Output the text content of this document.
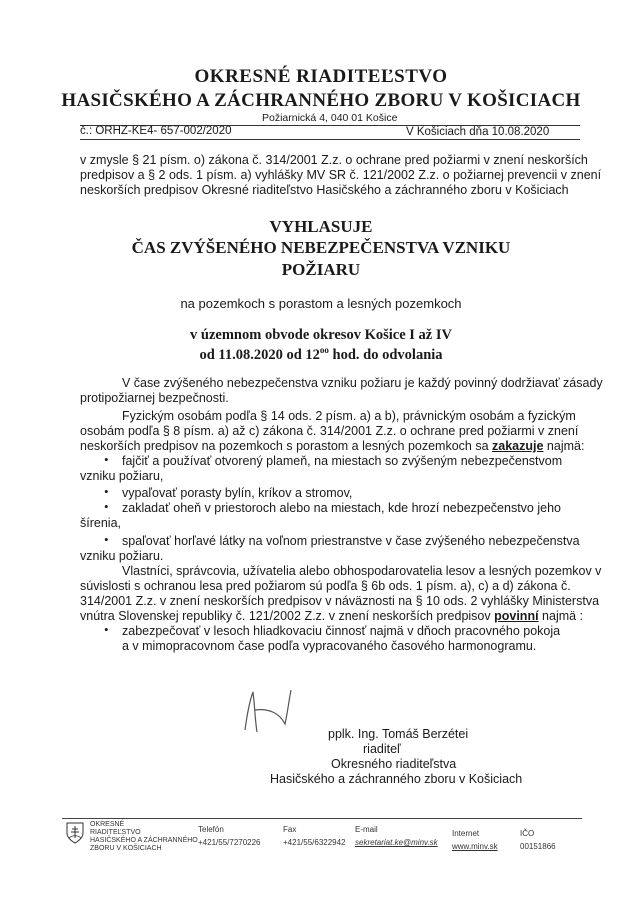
OKRESNÉ RIADITEĽSTVO
HASIČSKÉHO A ZÁCHRANNÉHO ZBORU V KOŠICIACH
Požiarnická 4, 040 01 Košice
č.: ORHZ-KE4- 657-002/2020	V Košiciach dňa 10.08.2020
v zmysle § 21 písm. o) zákona č. 314/2001 Z.z. o ochrane pred požiarmi v znení neskorších
predpisov a § 2 ods. 1 písm. a) vyhlášky MV SR č. 121/2002 Z.z. o požiarnej prevencii v znení
neskorších predpisov Okresné riaditeľstvo Hasičského a záchranného zboru v Košiciach
VYHLASUJE
ČAS ZVÝŠENÉHO NEBEZPEČENSTVA VZNIKU
POŽIARU
na pozemkoch s porastom a lesných pozemkoch
v územnom obvode okresov Košice I až IV
od 11.08.2020 od $12^{oo}$ hod. do odvolania
V čase zvýšeného nebezpečenstva vzniku požiaru je každý povinný dodržiavať zásady
protipožiarnej bezpečnosti.
Fyzickým osobám podľa § 14 ods. 2 písm. a) a b), právnickým osobám a fyzickým
osobám podľa § 8 písm. a) až c) zákona č. 314/2001 Z.z. o ochrane pred požiarmi v znení
neskorších predpisov na pozemkoch s porastom a lesných pozemkoch sa zakazuje najmä:
• fajčiť a používať otvorený plameň, na miestach so zvýšeným nebezpečenstvom
vzniku požiaru,
• vypaľovať porasty bylín, kríkov a stromov,
• zakladať oheň v priestoroch alebo na miestach, kde hrozí nebezpečenstvo jeho
šírenia,
• spaľovať horľavé látky na voľnom priestranstve v čase zvýšeného nebezpečenstva
vzniku požiaru.
Vlastníci, správcovia, užívatelia alebo obhospodarovatelia lesov a lesných pozemkov v
súvislosti s ochranou lesa pred požiarom sú podľa § 6b ods. 1 písm. a), c) a d) zákona č.
314/2001 Z.z. v znení neskorších predpisov v náväznosti na § 10 ods. 2 vyhlášky Ministerstva
vnútra Slovenskej republiky č. 121/2002 Z.z. v znení neskorších predpisov povinní najmä :
• zabezpečovať v lesoch hliadkovaciu činnosť najmä v dňoch pracovného pokoja
a v mimopracovnom čase podľa vypracovaného časového harmonogramu.
pplk. Ing. Tomáš Berzétei
riaditeľ
Okresného riaditeľstva
Hasičského a záchranného zboru v Košiciach
OKRESNÉ
RIADITEĽSTVO
HASIČSKÉHO A ZÁCHRANNÉHO
ZBORU V KOŠICIACH
Telefón
+421/55/7270226
Fax
+421/55/6322942
E-mail
sekretariat.ke@minv.sk
Internet
www.minv.sk
IČO
00151866
